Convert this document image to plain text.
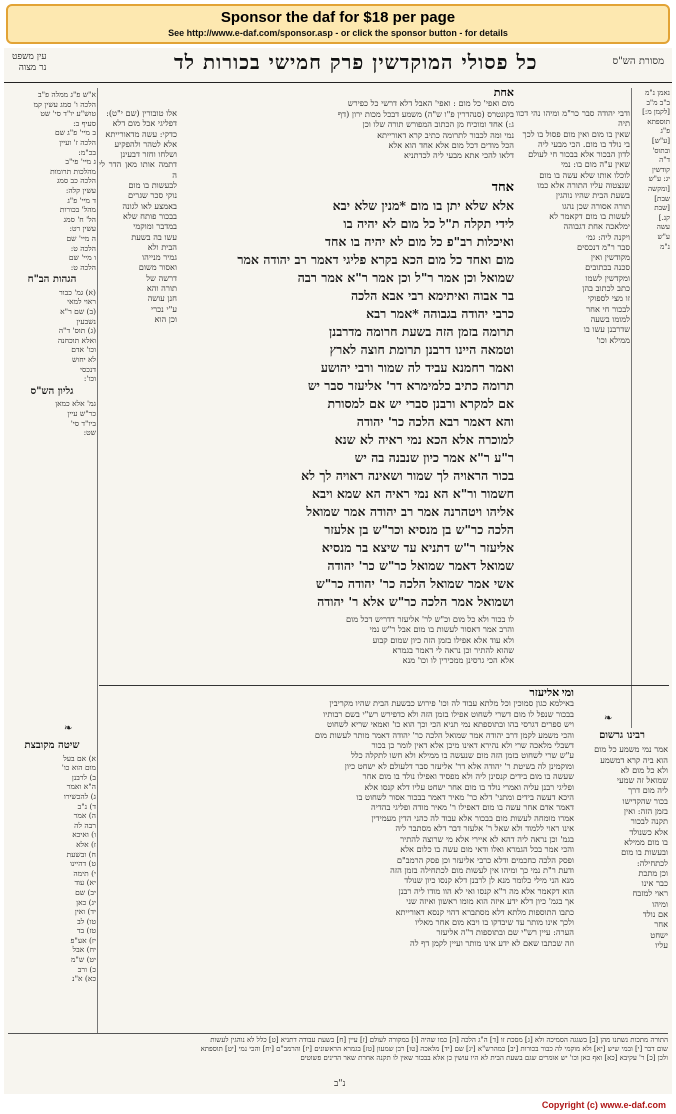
Sponsor the daf for $18 per page
See http://www.e-daf.com/sponsor.asp - or click the sponsor button - for details
מסורת הש"ס
כל פסולי המוקדשין פרק חמישי בכורות לד
עין משפט
נר מצוה
נאמן נ"מ
ב"ב מ"ב
[לקמן מ:]
תוספתא
פ"ג
[ע"ש]
ובתוס'
ד"ה
קודשין
יג: ע"ש
[ומקשה
שבת]
[שבת
קנ.]
עשה
ע"ש
נ"מ
ודבי יהודה סבר כר"מ ומיהו נהי דכוותיה
שאין בו מום ואין מום פסול בו לכך
בי נולד בו מום. הכי מבעי ליה
לדון הבכור אלא בבכור חי לעולם
שאין ע"ה מום בו: נמי
לוכלו אותו שלא עשה בו מום
שנצטוה עליו התורה אלא כמו
בשעת הבית שהיו נוהגין
תורה אסורה שכן נהגו
לעשות בו מום דקאמר לא
ימלאכה אחת דגבוהה
ויקנה ליה: גמ׳
סבר ר"מ דנכסים
מקודשין ואין
סכנה בכתובים
ומקדשין לשמו
כתב לכתוב בהן
זו מצי לספוקי
לבכור חי אחר
למומו בשעה
שדרבנן עשו בו
ממילא וכו'
אחת
מום ואפי' כל מום : ואפי' האבל דלא דרשי כל כפירש
בקונטרס (סנהדרין פ"ו ש"ה) משמע דבכל מכות ירון (דף
ג:) אחד ומוכיח מן הכתוב המפורש תורה שלו וכן
נמי ומה לכבור לתרומה כתיב קרא דאורייתא
הכל מודים דכל מום אלא אחד הוא אלא
דלאו להכי אתא מבעי ליה לכדתניא
אחד
אלא שלא יתן בו מום *מנין שלא יבא
לידי תקלה ת"ל כל מום לא יהיה בו
ואיכלות רב"פ כל מום לא יהיה בו אחד
מום ואחד כל מום הכא בקרא פליגי דאמר רב יהודה אמר
שמואל וכן אמר ר"ל וכן אמר ר"א אמר רבה
בר אבוה ואיתימא רבי אבא הלכה
כרבי יהודה בגבוהה *אמר רבא
תרומה בזמן הזה בשעת חרומה מדרבנן
וטמאה היינו דרבנן תרומת חוצה לארץ
ואמר רחמנא עביד לה שמור ורבי יהושע
תרומה כתיב כלמימרא דר' אליעזר סבר יש
אם למקרא ורבנן סברי יש אם למסורת
והא דאמר רבא הלכה כר' יהודה
למוכרה אלא הכא נמי ראיה לא שנא
ר"ע ר"א אמר כיון שנבנה בה יש
בכור הראויה לך שמור ושאינה ראויה לך לא
חשמור ור"א הא נמי ראיה הא שמא ויבא
אליהו ויטהרנה אמר רב יהודה אמר שמואל
הלכה כר"ש בן מנסיא וכר"ש בן אלעזר
אליעזר ר"ש דתניא עד שיצא בר מנסיא
שמואל דאמר שמואל כר"ש כר' יהודה
אשי אמר שמואל הלכה כר' יהודה כר"ש
ושמואל אמר הלכה כר"ש אלא ר' יהודה
לו בכור ולא כל מום וכ"ש לר' אליעזר דדריש דכל מום
והרב אמר דאסור לעשות בו מום אבל ר"ש נמי
ולא עוד אלא אפילו בזמן הזה כיון שמום קבוע
שהוא להתיר וכן נראה לי דאמר בגמרא
אלא הכי גרסינן ממכירין לו וכו' מנא
אלו טובורין (שם י"ט):
דפליגי אכל מום דלא
כדקי: עשה מדאורייתא
אלא לטהר ולהפקיע
ושלחו וחזר דבעינן
דתמה אותו מאן הדר ליה
לבעשות בו מום
נוקי סכר שגרים
באמצע לאו לגונה
בבכור פותח שלא
במדבר ומוקמי
עשו בה בשעת
הבית ולא
גמיר מנייהו
ואסור משום
דרשה של
תורה והא
חנן עושה
ע"י נכרי
וכן הוא
א"ש פ"ג ממלה פ"ב
הלכה ו' סמג עשין קמ
טוש"ע יו"ד סי' שט
סעיף ב:
ב מיי' פ"ג שם
הלכה ז' ועיין
בכ"מ:
ג מיי' פי"ב
מהלכות תרומות
הלכה כב סמג
עשין קלה:
ד מיי' פ"ג
מהל' בכורות
הל' ח' סמג
עשין רט:
ה מיי' שם
הלכה ט:
ו מיי' שם
הלכה ט:
הגהות הב"ח
(א) גמ' כבור
ראוי למאי
(ב) שם ר"א
נשבעין
(ג) תוס' ד"ה
ואלא תוכחנה
וכו' אדם
לא יחוש
דנכסי
וכו':
גליון הש"ס
גמ' אלא כמאן
כר"ש עיין
ביו"ד סי'
שט:
שיטה מקובצת
א) אם בעל
מום הוא כו'
ב) לרבנן
ה"א ואמר
ג) להכשירו
ד) נ"ב
ה) אמר
רבה לה
ו) ואיכא
ז) אלא
ח) ובשעת
ט) דהיינו
י) תימה
יא) עוד
יב) שם
יג) כאן
יד) ואין
טו) לב
טז) בד
יז) אע"פ
יח) אבל
יט) ש"מ
כ) ורב
כא) א"נ
ומי אליעזר
באילמא כגון סמוכין וכל מלתא עבוד לה וכו' פירוש כבשעת הבית שהיו מקריבין
בבכור שנפל לו מום דשרי לשחוט אפילו בזמן הזה ולא כדפירש רש"י בשם רבותיו
ויש ספרים דגרסי בהו ובתוספתא נמי תניא הכי וכך הוא כו' ואמאי שריא לשחוט
והכי משמע לקמן דרב יהודה אמר שמואל הלכה כר' יהודה דאמר מותר לעשות מום
דשבלי מלאכה שרי ולא נהירא דאינו מיכן אלא דאין לומר כן בכור
ע"ש שרי לשחוט בזמן הזה מום שנעשה בו ממילא ולא חשו לתקלה כלל
ומוקמינן לה בשיטת ר' יהודה אלא דר' אליעזר סבר דלעולם לא ישחט כיון
שעשה בו מום בידים קנסינן ליה ולא מפסיד ואפילו נולד בו מום אחר
ופליגי רבנן עליה ואמרי נולד בו מום אחר ישחט עליו דלא קנסו אלא
היכא דעשה בידים ומתני' דלא כר' מאיר דאמר בבכור אסור לשחוט בו
דאמר אדם אחר עשה בו מום דאפילו ר' מאיר מודה ופליגי בהדיה
אמרו מומחה לעשות מום בבכור אלא עבוד לה כהני הדין מעמידין
אינו ראוי ללמוד ולא שאל ר' אלעזר דבר דלא מסתבר ליה
בגמ' וכן נראה ליה דהא לא איירי אלא מי שרוצה להתיר
והכי אמר בכל הגמרא ואלו ודאי מום עשה בו כלום אלא
ופסק הלכה כחכמים ודלא כרבי אליעזר וכן פסק הרמב"ם
ודעת ר"ת נמי כך ומיהו אין לעשות מום לכתחילה בזמן הזה
מנא הני מילי כלומר מנא לן לרבנן דלא קנסו כיון שנולד
הוא דקאמר אלא מה ר"א קנסו ואי לא הוו מודו ליה רבנן
אך בגמ' כיון דלא ידע איזה הוא מומו ראשון ואיזה שני
כתבו התוספות מלתא דלא מסתברא דהוי קנסא דאורייתא
ולכך אינו מותר עד שיבדקו בו ויבא מום אחר מאליו
הערה: עיין רש"י שם ובתוספות ד"ה אליעזר
וזה שכתבו שאם לא ידע אינו מותר ועיין לקמן דף לה
רבינו גרשום
אמר נמי משמע כל מום
הוא ביה קרא דמשמע
ולא כל מום לא
שמואל זה שמעי
ליה מום דרך
בכור שהקדישו
בזמן הזה: ואין
תקנה לבכור
אלא כשנולד
בו מום ממילא
ובעשות בו מום
לכתחילה:
וכן מתכת
כבר אינו
ראוי למזבח
ומיהו
אם נולד
אחר
ישחט
עליו
התורה מתכות נשתנו מהן [ב] בשגגה הסמיכה ולא [ג] מסכת זו [ד] ה"ג הלכה [ה] כמו שהיה [ו] במקורה לעולם [ז] עיין [ח] בשעת עבודה דתניא [ט] כלל לא נוהגין לעשות
שום דבר [י] ובמי שיש [יא] ולא מוקמי לה כבור בכורות [יב] כמהרש"א [יג] שם [יד] מלאכה [טו] רבן שמעון [טז] בגמרא הראשונים [יז] והרמב"ם [יח] והכי נמי [יט] תוספתא
ולכן [כ] ר' עקיבא [כא] ואף כאן וכו' יש אומרים שגם בשעת הבית לא היו עושין כן אלא בבכור שאין לו תקנה אחרת שאר הדינים פשוטים
נ"ב
❧
❧
Copyright (c) www.e-daf.com
